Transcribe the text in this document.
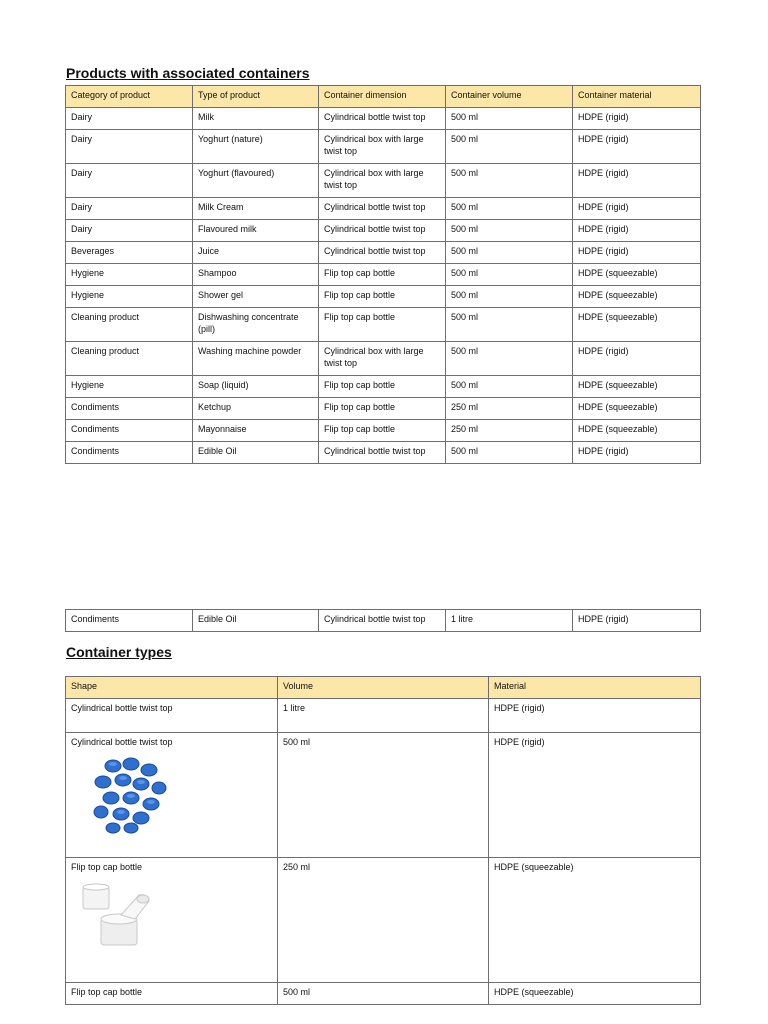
Products with associated containers
Category of product	Type of product	Container dimension	Container volume	Container material
Dairy	Milk	Cylindrical bottle twist top	500 ml	HDPE (rigid)
Dairy	Yoghurt (nature)	Cylindrical box with large twist top	500 ml	HDPE (rigid)
Dairy	Yoghurt (flavoured)	Cylindrical box with large twist top	500 ml	HDPE (rigid)
Dairy	Milk Cream	Cylindrical bottle twist top	500 ml	HDPE (rigid)
Dairy	Flavoured milk	Cylindrical bottle twist top	500 ml	HDPE (rigid)
Beverages	Juice	Cylindrical bottle twist top	500 ml	HDPE (rigid)
Hygiene	Shampoo	Flip top cap bottle	500 ml	HDPE (squeezable)
Hygiene	Shower gel	Flip top cap bottle	500 ml	HDPE (squeezable)
Cleaning product	Dishwashing concentrate (pill)	Flip top cap bottle	500 ml	HDPE (squeezable)
Cleaning product	Washing machine powder	Cylindrical box with large twist top	500 ml	HDPE (rigid)
Hygiene	Soap (liquid)	Flip top cap bottle	500 ml	HDPE (squeezable)
Condiments	Ketchup	Flip top cap bottle	250 ml	HDPE (squeezable)
Condiments	Mayonnaise	Flip top cap bottle	250 ml	HDPE (squeezable)
Condiments	Edible Oil	Cylindrical bottle twist top	500 ml	HDPE (rigid)
Condiments	Edible Oil	Cylindrical bottle twist top	1 litre	HDPE (rigid)
Container types
Shape	Volume	Material
Cylindrical bottle twist top	1 litre	HDPE (rigid)
Cylindrical bottle twist top	500 ml	HDPE (rigid)
Flip top cap bottle	250 ml	HDPE (squeezable)
Flip top cap bottle	500 ml	HDPE (squeezable)
